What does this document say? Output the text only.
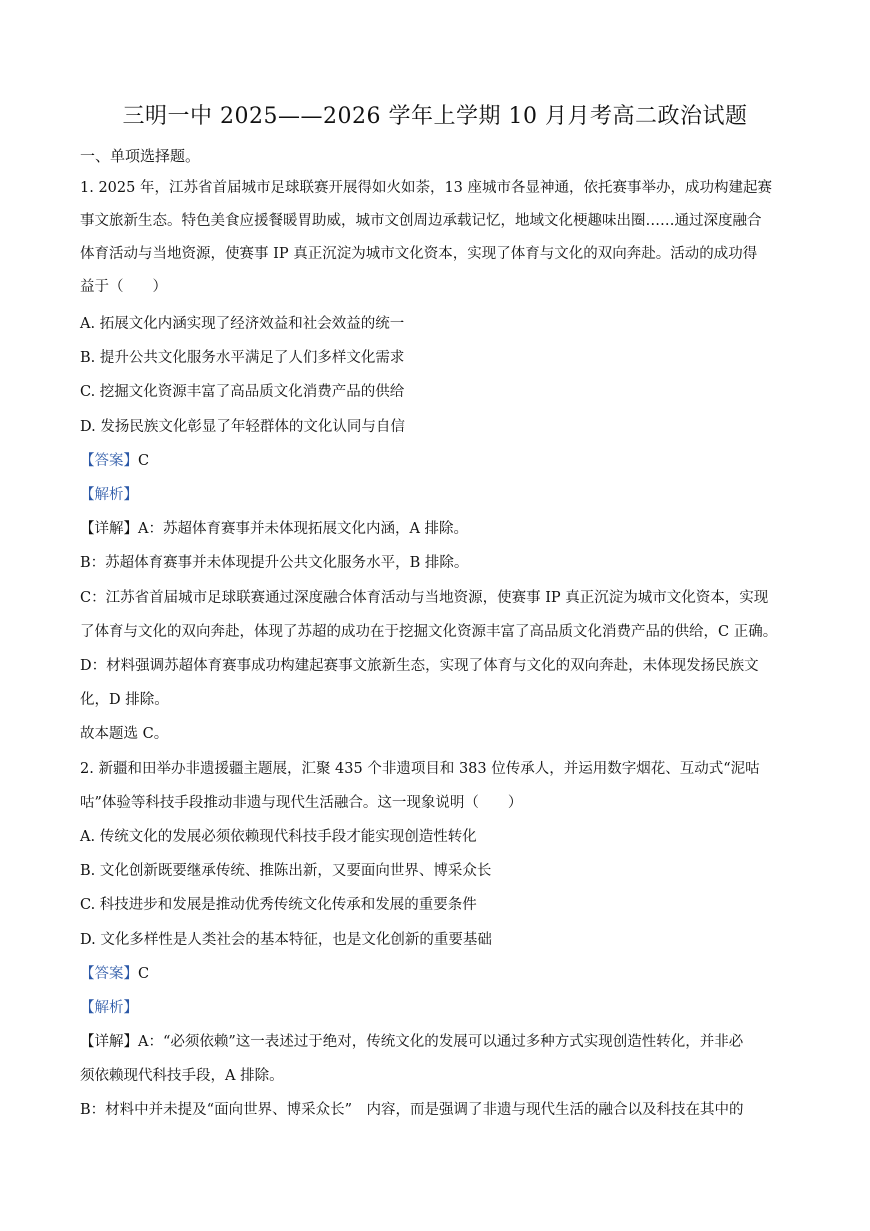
三明一中 2025——2026 学年上学期 10 月月考高二政治试题
一、单项选择题。
1. 2025 年，江苏省首届城市足球联赛开展得如火如荼，13 座城市各显神通，依托赛事举办，成功构建起赛
事文旅新生态。特色美食应援餐暖胃助威，城市文创周边承载记忆，地域文化梗趣味出圈……通过深度融合
体育活动与当地资源，使赛事 IP 真正沉淀为城市文化资本，实现了体育与文化的双向奔赴。活动的成功得
益于（　　）
A. 拓展文化内涵实现了经济效益和社会效益的统一
B. 提升公共文化服务水平满足了人们多样文化需求
C. 挖掘文化资源丰富了高品质文化消费产品的供给
D. 发扬民族文化彰显了年轻群体的文化认同与自信
【答案】C
【解析】
【详解】A：苏超体育赛事并未体现拓展文化内涵，A 排除。
B：苏超体育赛事并未体现提升公共文化服务水平，B 排除。
C：江苏省首届城市足球联赛通过深度融合体育活动与当地资源，使赛事 IP 真正沉淀为城市文化资本，实现
了体育与文化的双向奔赴，体现了苏超的成功在于挖掘文化资源丰富了高品质文化消费产品的供给，C 正确。
D：材料强调苏超体育赛事成功构建起赛事文旅新生态，实现了体育与文化的双向奔赴，未体现发扬民族文
化，D 排除。
故本题选 C。
2. 新疆和田举办非遗援疆主题展，汇聚 435 个非遗项目和 383 位传承人，并运用数字烟花、互动式“泥咕
咕”体验等科技手段推动非遗与现代生活融合。这一现象说明（　　）
A. 传统文化的发展必须依赖现代科技手段才能实现创造性转化
B. 文化创新既要继承传统、推陈出新，又要面向世界、博采众长
C. 科技进步和发展是推动优秀传统文化传承和发展的重要条件
D. 文化多样性是人类社会的基本特征，也是文化创新的重要基础
【答案】C
【解析】
【详解】A：“必须依赖”这一表述过于绝对，传统文化的发展可以通过多种方式实现创造性转化，并非必
须依赖现代科技手段，A 排除。
B：材料中并未提及“面向世界、博采众长”　内容，而是强调了非遗与现代生活的融合以及科技在其中的
